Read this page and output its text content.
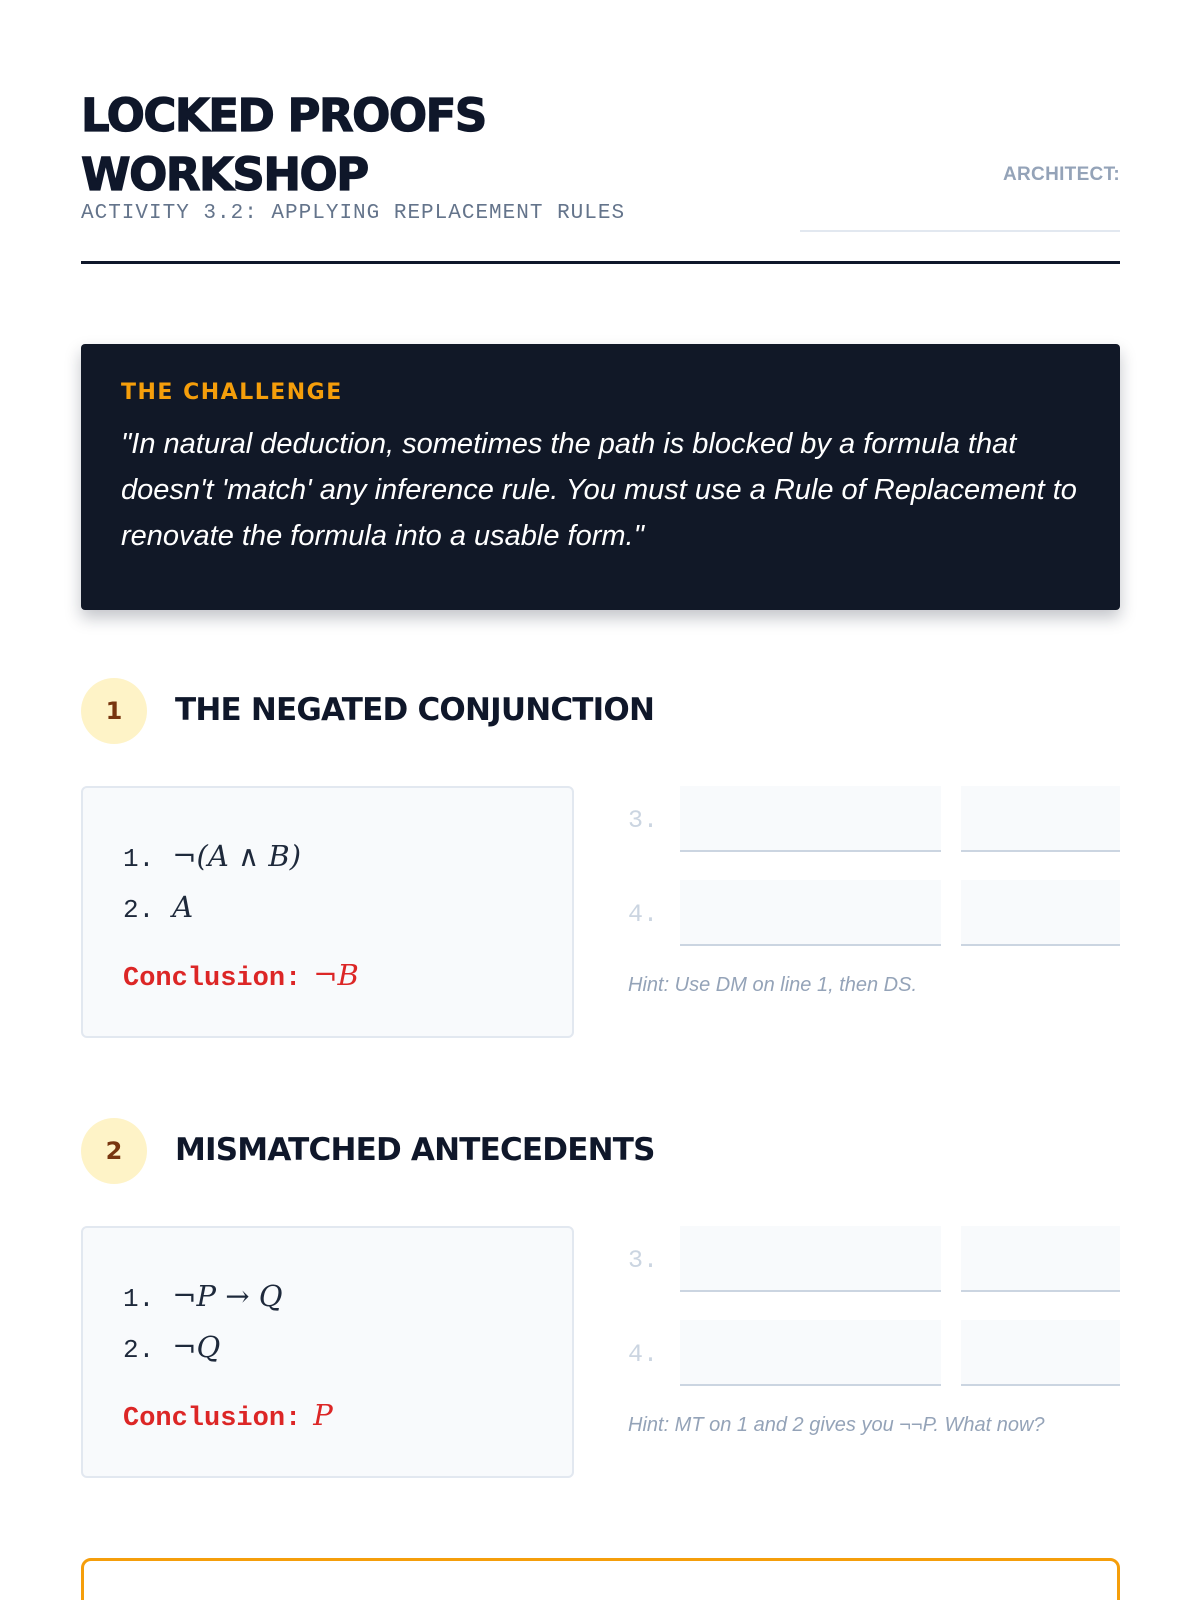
LOCKED PROOFS
WORKSHOP
ACTIVITY 3.2: APPLYING REPLACEMENT RULES
ARCHITECT:
THE CHALLENGE

"In natural deduction, sometimes the path is blocked by a formula that doesn't 'match' any inference rule. You must use a Rule of Replacement to renovate the formula into a usable form."

1	THE NEGATED CONJUNCTION
1. ¬(A ∧ B)
2. A
Conclusion: ¬B
3.
4.
Hint: Use DM on line 1, then DS.
2	MISMATCHED ANTECEDENTS
1. ¬P → Q
2. ¬Q
Conclusion: P
3.
4.
Hint: MT on 1 and 2 gives you ¬¬P. What now?
